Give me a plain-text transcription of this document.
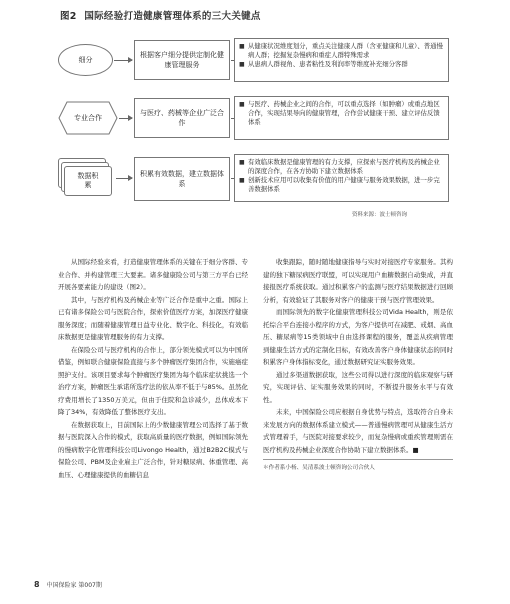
图2 国际经验打造健康管理体系的三大关键点
细分
根据客户细分提供定制化健康管理服务
■ 从健康状况维度划分，重点关注健康人群（含亚健康和儿童）、普通慢病人群；挖掘复杂慢病和重症人群特殊需求
■ 从患病人群视角、患者粘性及利润率等维度补充细分客群
专业合作
与医疗、药械等企业广泛合作
■ 与医疗、药械企业之间的合作，可以重点选择（如肿瘤）或重点地区合作，实现结果导向的健康管理，合作尝试健康干预、建立评估反馈体系
数据积累
积累有效数据，建立数据体系
■ 有效临床数据是健康管理的有力支撑，应探索与医疗机构及药械企业的深度合作，在各方协助下建立数据体系
■ 创新技术应用可以收集有价值的用户健康与服务效果数据，进一步完善数据体系
资料来源：波士顿咨询

从国际经验来看，打造健康管理体系的关键在于细分客群、专业合作、并构建管理三大要素。诸多健康险公司与第三方平台已经开展各要素能力的建设（图2）。

其中，与医疗机构及药械企业等广泛合作是重中之重。国际上已有诸多保险公司与医院合作，探索价值医疗方案，加深医疗健康服务深度；而随着健康管理日益专业化、数字化、科技化，有效临床数据更是健康管理服务的有力支撑。

在保险公司与医疗机构的合作上，部分领先模式可以为中国所借鉴，例如联合健康保险直接与多个肿瘤医疗集团合作，实施癌症照护支付。该项目要求每个肿瘤医疗集团为每个临床症状挑选一个治疗方案，肿瘤医生承诺所选疗法的依从率不低于与85%。虽然化疗费用增长了1350万美元，但由于住院和急诊减少，总体成本下降了34%，有效降低了整体医疗支出。

在数据获取上，目前国际上的少数健康管理公司选择了基于数据与医院深入合作的模式，获取高质量的医疗数据，例如国际领先的慢病数字化管理科技公司Livongo Health，通过B2B2C模式与保险公司、PBM及企业雇主广泛合作，针对糖尿病、体重管理、高血压、心理健康提供的血糖信息

收集跟踪，随时随地健康指导与实时对接医疗专家服务。其构建的独下糖尿病医疗联盟，可以实现用户血糖数据自动集成，并直接报医疗系统获取。通过积累客户的监测与医疗结果数据进行回顾分析，有效验证了其服务对客户的健康干预与医疗管理效果。

而国际领先的数字化健康管理科技公司Vida Health，则是依托综合平台连接小程序的方式，为客户提供可在减肥、戒烟、高血压、糖尿病等15类领域中自由选择课程的服务，覆盖从疾病管理到健康生活方式的定制化目标，有效改善客户身体健康状态的同时积累客户身体指标变化，通过数据研究证实服务效果。

通过多渠道数据获取，这些公司得以进行深度的临床观察与研究，实现评估、证实服务效果的同时，不断提升服务水平与有效性。

未来，中国保险公司应根据自身优势与特点，选取符合自身未来发展方向的数据体系建立模式——普通慢病管理可从健康生活方式管理着手，与医院对接要求较少，而复杂慢病或重疾管理则需在医疗机构及药械企业深度合作协助下建立数据体系。■

＊作者系小杨、吴清系波士顿咨询公司合伙人

8 中国保险家 第007期
